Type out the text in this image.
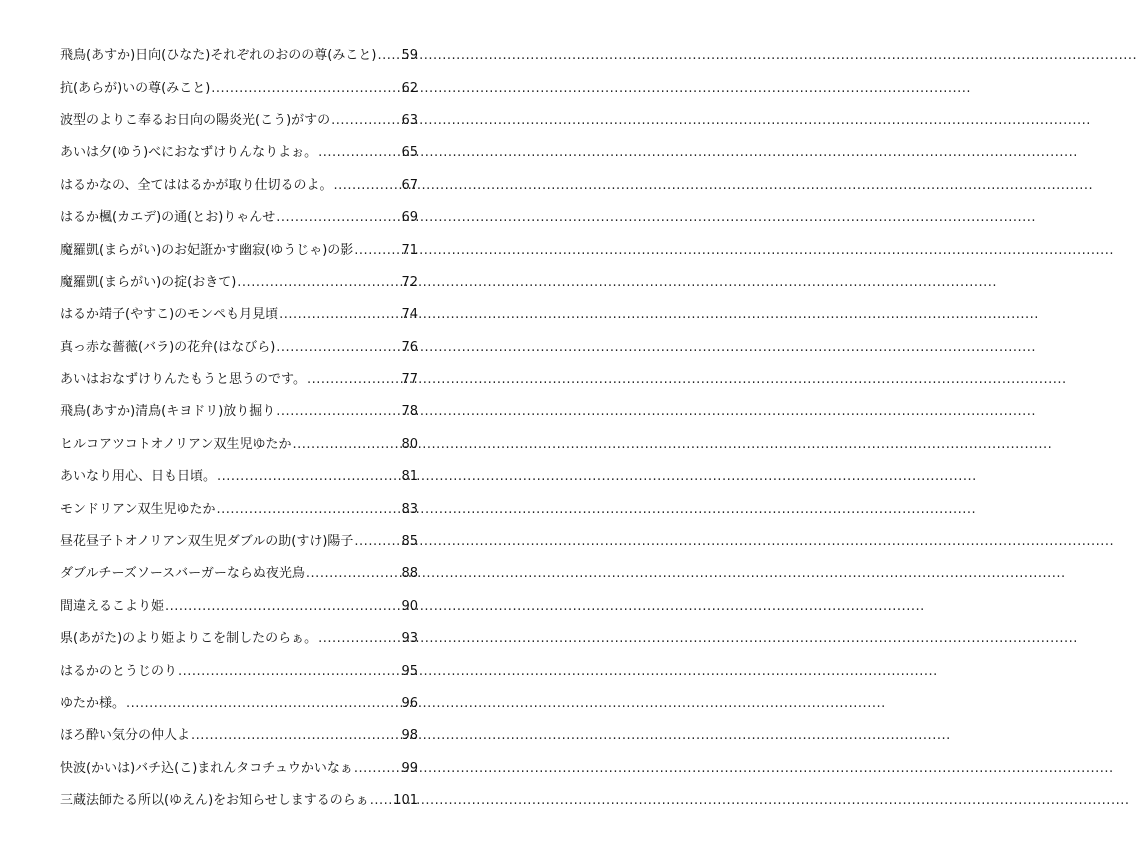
飛鳥(あすか)日向(ひなた)それぞれのおのの尊(みこと) ..... 59
抗(あらが)いの尊(みこと) .....	62
波型のよりこ奉るお日向の陽炎光(こう)がすの .....	63
あいは夕(ゆう)べにおなずけりんなりよぉ。 .....	65
はるかなの、全てははるかが取り仕切るのよ。 .....	67
はるか楓(カエデ)の通(とお)りゃんせ .....	69
魔羅凱(まらがい)のお妃誑かす幽寂(ゆうじゃ)の影 .....	71
魔羅凱(まらがい)の掟(おきて) .....	72
はるか靖子(やすこ)のモンペも月見頃 .....	74
真っ赤な薔薇(バラ)の花弁(はなびら) .....	76
あいはおなずけりんたもうと思うのです。 .....	77
飛鳥(あすか)清鳥(キヨドリ)放り掘り .....	78
ヒルコアツコトオノリアン双生児ゆたか .....	80
あいなり用心、日も日頃。 .....	81
モンドリアン双生児ゆたか .....	83
昼花昼子トオノリアン双生児ダブルの助(すけ)陽子 .....	85
ダブルチーズソースバーガーならぬ夜光鳥 .....	88
間違えるこより姫 .....	90
県(あがた)のより姫よりこを制したのらぁ。 .....	93
はるかのとうじのり .....	95
ゆたか様。 .....	96
ほろ酔い気分の仲人よ .....	98
快波(かいは)バチ込(こ)まれんタコチュウかいなぁ .....	99
三蔵法師たる所以(ゆえん)をお知らせしまするのらぁ ..... 101
